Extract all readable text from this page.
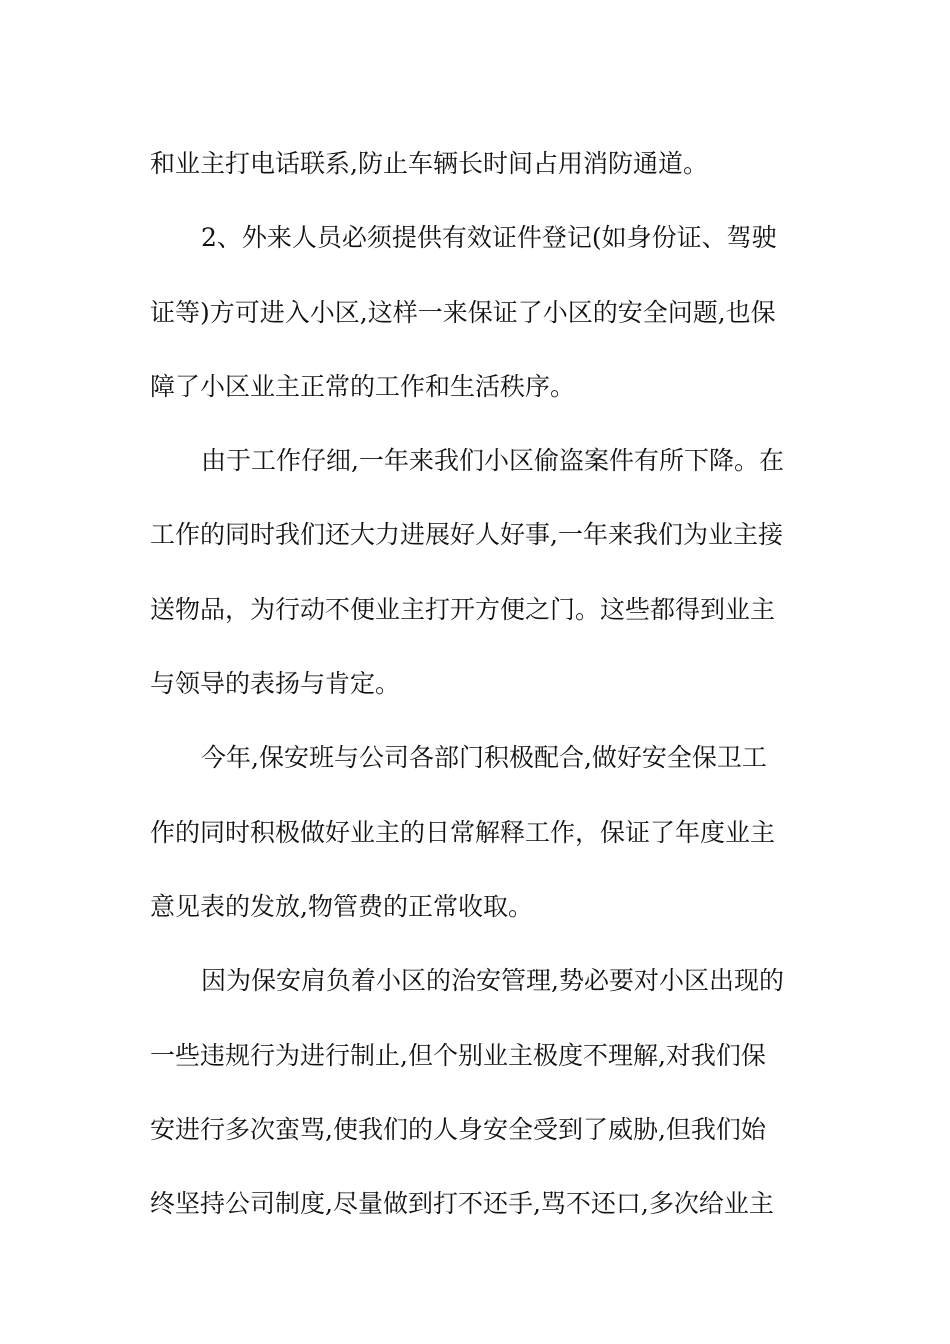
和业主打电话联系,防止车辆长时间占用消防通道。
2、外来人员必须提供有效证件登记(如身份证、驾驶
证等)方可进入小区,这样一来保证了小区的安全问题,也保
障了小区业主正常的工作和生活秩序。
由于工作仔细,一年来我们小区偷盗案件有所下降。在
工作的同时我们还大力进展好人好事,一年来我们为业主接
送物品，为行动不便业主打开方便之门。这些都得到业主
与领导的表扬与肯定。
今年,保安班与公司各部门积极配合,做好安全保卫工
作的同时积极做好业主的日常解释工作，保证了年度业主
意见表的发放,物管费的正常收取。
因为保安肩负着小区的治安管理,势必要对小区出现的
一些违规行为进行制止,但个别业主极度不理解,对我们保
安进行多次蛮骂,使我们的人身安全受到了威胁,但我们始
终坚持公司制度,尽量做到打不还手,骂不还口,多次给业主
